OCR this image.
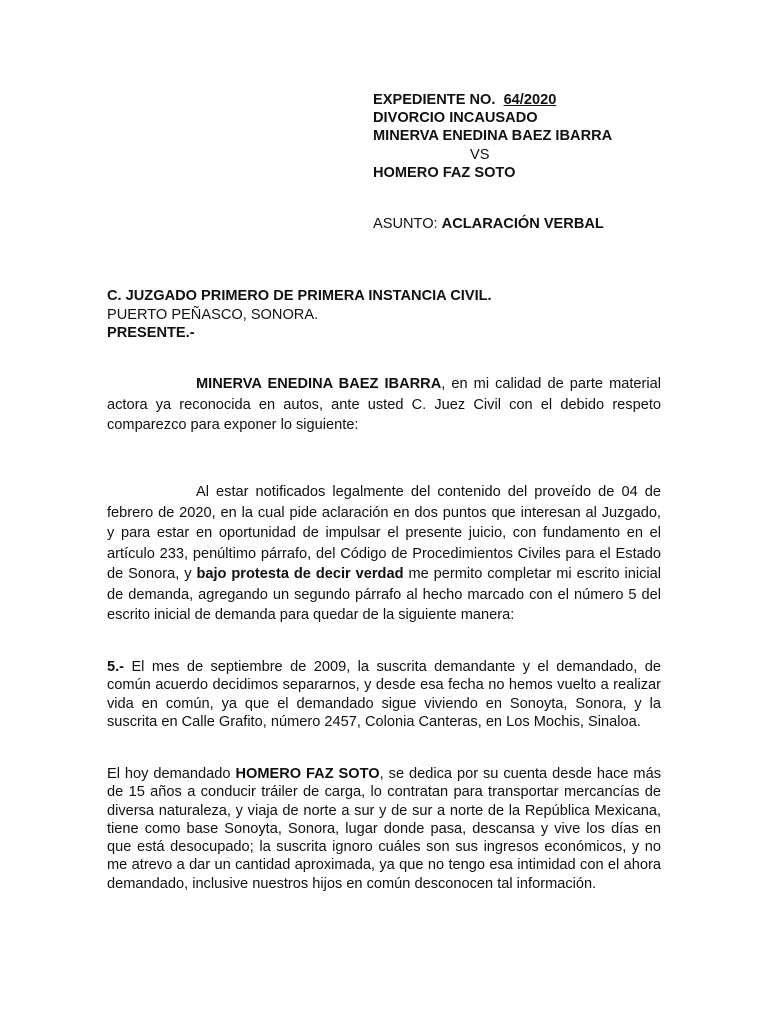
EXPEDIENTE NO. 64/2020
DIVORCIO INCAUSADO
MINERVA ENEDINA BAEZ IBARRA
VS
HOMERO FAZ SOTO
ASUNTO: ACLARACIÓN VERBAL
C. JUZGADO PRIMERO DE PRIMERA INSTANCIA CIVIL.
PUERTO PEÑASCO, SONORA.
PRESENTE.-
MINERVA ENEDINA BAEZ IBARRA, en mi calidad de parte material actora ya reconocida en autos, ante usted C. Juez Civil con el debido respeto comparezco para exponer lo siguiente:
Al estar notificados legalmente del contenido del proveído de 04 de febrero de 2020, en la cual pide aclaración en dos puntos que interesan al Juzgado, y para estar en oportunidad de impulsar el presente juicio, con fundamento en el artículo 233, penúltimo párrafo, del Código de Procedimientos Civiles para el Estado de Sonora, y bajo protesta de decir verdad me permito completar mi escrito inicial de demanda, agregando un segundo párrafo al hecho marcado con el número 5 del escrito inicial de demanda para quedar de la siguiente manera:
5.- El mes de septiembre de 2009, la suscrita demandante y el demandado, de común acuerdo decidimos separarnos, y desde esa fecha no hemos vuelto a realizar vida en común, ya que el demandado sigue viviendo en Sonoyta, Sonora, y la suscrita en Calle Grafito, número 2457, Colonia Canteras, en Los Mochis, Sinaloa.
El hoy demandado HOMERO FAZ SOTO, se dedica por su cuenta desde hace más de 15 años a conducir tráiler de carga, lo contratan para transportar mercancías de diversa naturaleza, y viaja de norte a sur y de sur a norte de la República Mexicana, tiene como base Sonoyta, Sonora, lugar donde pasa, descansa y vive los días en que está desocupado; la suscrita ignoro cuáles son sus ingresos económicos, y no me atrevo a dar un cantidad aproximada, ya que no tengo esa intimidad con el ahora demandado, inclusive nuestros hijos en común desconocen tal información.
